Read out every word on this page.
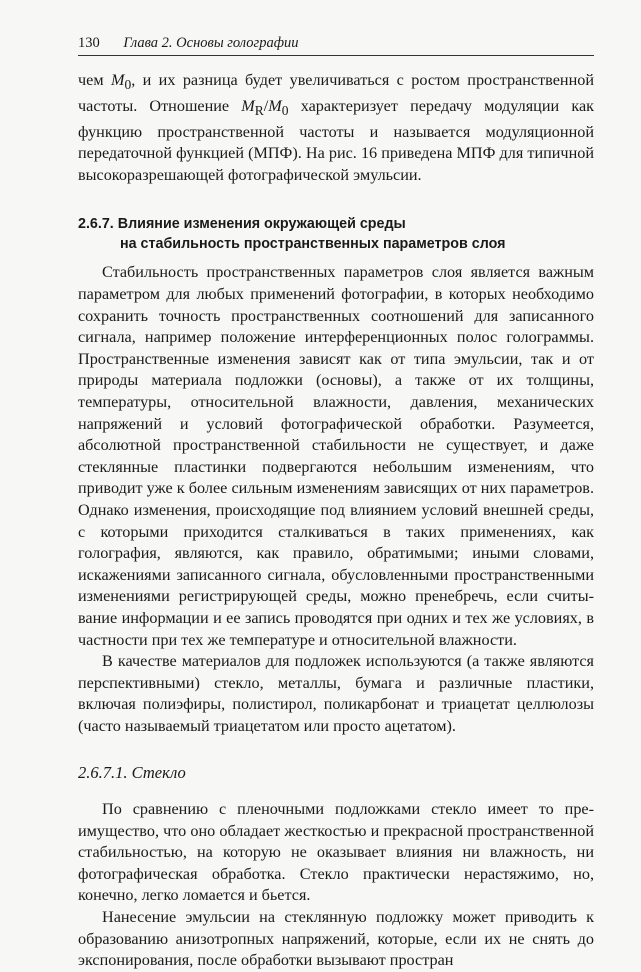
130 Глава 2. Основы голографии

чем $M_0$, и их разница будет увеличиваться с ростом пространственной частоты. Отношение $M_R/M_0$ характеризует передачу модуляции как функцию пространственной частоты и называется модуляционной передаточной функцией (МПФ). На рис. 16 приведена МПФ для типичной высокоразрешающей фотографической эмульсии.

2.6.7. Влияние изменения окружающей среды
на стабильность пространственных параметров слоя

Стабильность пространственных параметров слоя является важным параметром для любых применений фотографии, в которых необходимо сохранить точность пространственных соотношений для записанного сигнала, например положение интерференционных полос голограммы. Пространственные изменения зависят как от типа эмульсии, так и от природы материала подложки (основы), а также от их толщины, температуры, относительной влажности, давления, механических напряжений и условий фотографической обработки. Разумеется, абсолютной пространственной стабильности не существует, и даже стеклянные пластинки подвергаются небольшим изменениям, что приводит уже к более сильным изменениям зависящих от них параметров. Однако изменения, происходящие под влиянием условий внешней среды, с которыми приходится сталкиваться в таких применениях, как голография, являются, как правило, обратимыми; иными словами, искажениями записанного сигнала, обусловленными пространственными изменениями регистрирующей среды, можно пренебречь, если считывание информации и ее запись проводятся при одних и тех же условиях, в частности при тех же температуре и относительной влажности.

В качестве материалов для подложек используются (а также являются перспективными) стекло, металлы, бумага и различные пластики, включая полиэфиры, полистирол, поликарбонат и триацетат целлюлозы (часто называемый триацетатом или просто ацетатом).

2.6.7.1. Стекло

По сравнению с пленочными подложками стекло имеет то преимущество, что оно обладает жесткостью и прекрасной пространственной стабильностью, на которую не оказывает влияния ни влажность, ни фотографическая обработка. Стекло практически нерастяжимо, но, конечно, легко ломается и бьется.

Нанесение эмульсии на стеклянную подложку может приводить к образованию анизотропных напряжений, которые, если их не снять до экспонирования, после обработки вызывают простран
